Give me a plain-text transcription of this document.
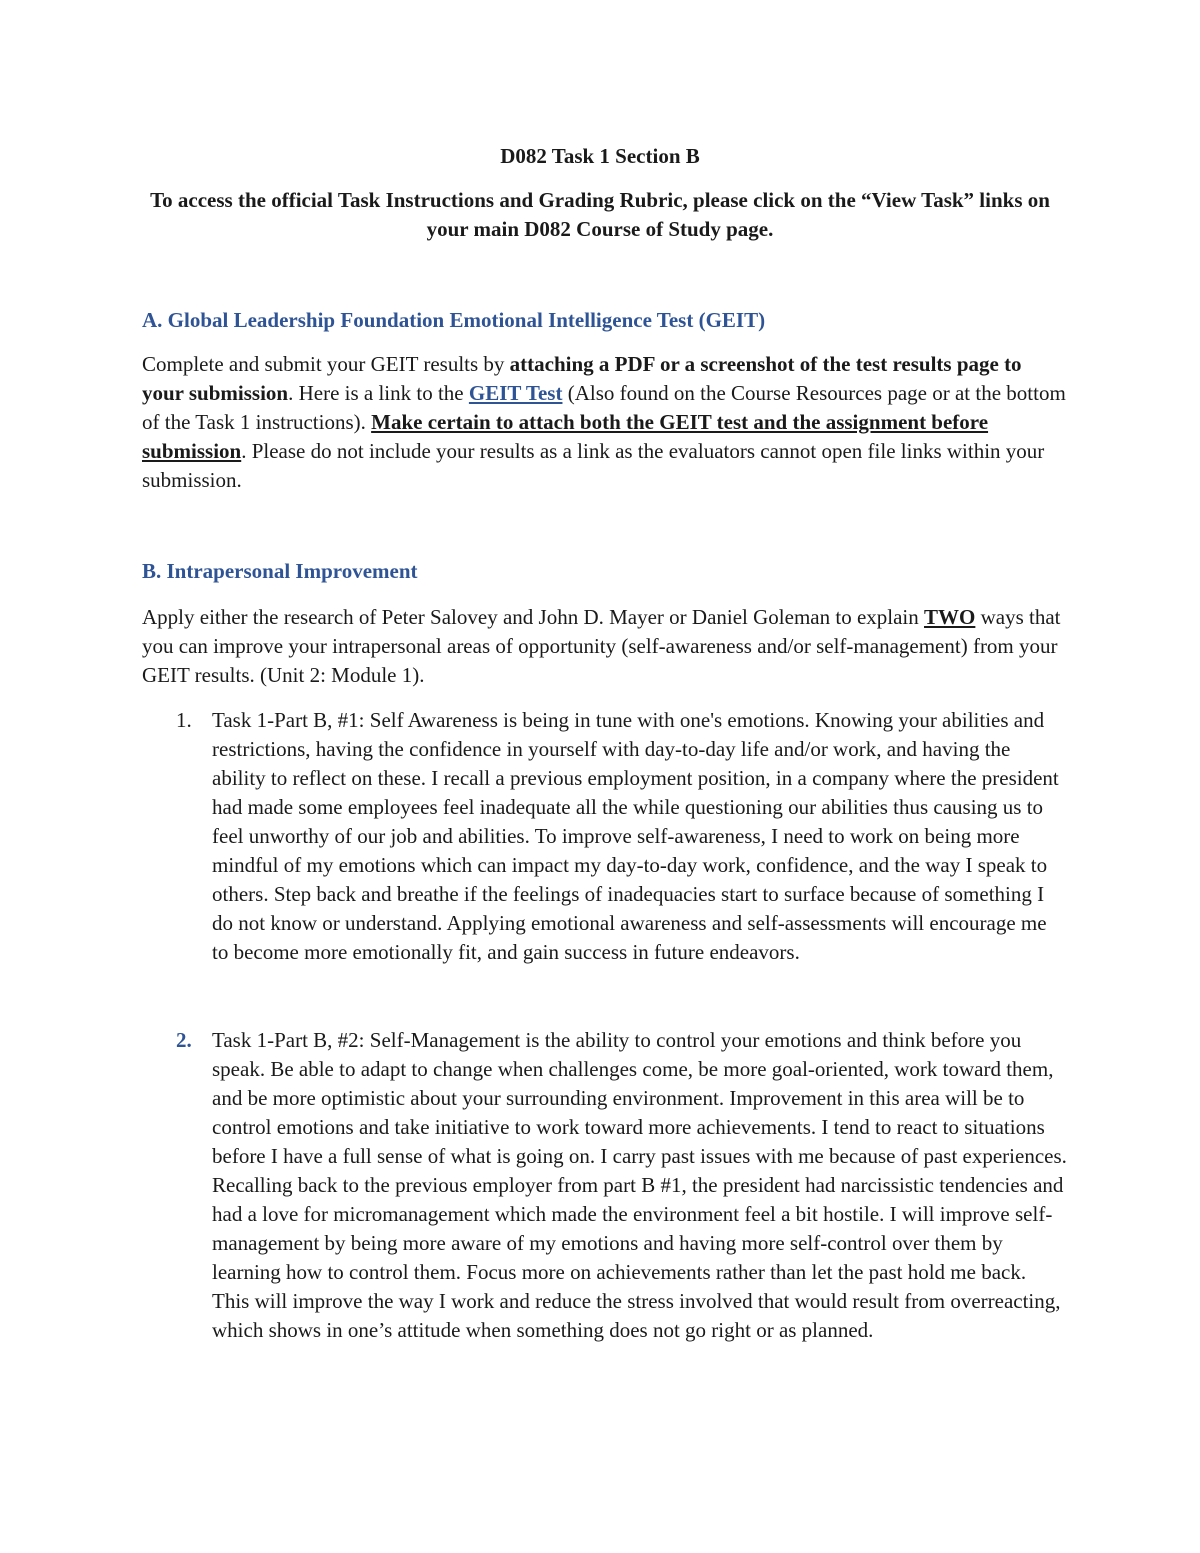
D082 Task 1 Section B

To access the official Task Instructions and Grading Rubric, please click on the “View Task” links on your main D082 Course of Study page.

A. Global Leadership Foundation Emotional Intelligence Test (GEIT)

Complete and submit your GEIT results by attaching a PDF or a screenshot of the test results page to your submission. Here is a link to the GEIT Test (Also found on the Course Resources page or at the bottom of the Task 1 instructions). Make certain to attach both the GEIT test and the assignment before submission. Please do not include your results as a link as the evaluators cannot open file links within your submission.

B. Intrapersonal Improvement

Apply either the research of Peter Salovey and John D. Mayer or Daniel Goleman to explain TWO ways that you can improve your intrapersonal areas of opportunity (self-awareness and/or self-management) from your GEIT results. (Unit 2: Module 1).

1. Task 1-Part B, #1: Self Awareness is being in tune with one's emotions. Knowing your abilities and restrictions, having the confidence in yourself with day-to-day life and/or work, and having the ability to reflect on these. I recall a previous employment position, in a company where the president had made some employees feel inadequate all the while questioning our abilities thus causing us to feel unworthy of our job and abilities. To improve self-awareness, I need to work on being more mindful of my emotions which can impact my day-to-day work, confidence, and the way I speak to others. Step back and breathe if the feelings of inadequacies start to surface because of something I do not know or understand. Applying emotional awareness and self-assessments will encourage me to become more emotionally fit, and gain success in future endeavors.
2. Task 1-Part B, #2: Self-Management is the ability to control your emotions and think before you speak. Be able to adapt to change when challenges come, be more goal-oriented, work toward them, and be more optimistic about your surrounding environment. Improvement in this area will be to control emotions and take initiative to work toward more achievements. I tend to react to situations before I have a full sense of what is going on. I carry past issues with me because of past experiences. Recalling back to the previous employer from part B #1, the president had narcissistic tendencies and had a love for micromanagement which made the environment feel a bit hostile. I will improve self-management by being more aware of my emotions and having more self-control over them by learning how to control them. Focus more on achievements rather than let the past hold me back. This will improve the way I work and reduce the stress involved that would result from overreacting, which shows in one’s attitude when something does not go right or as planned.
